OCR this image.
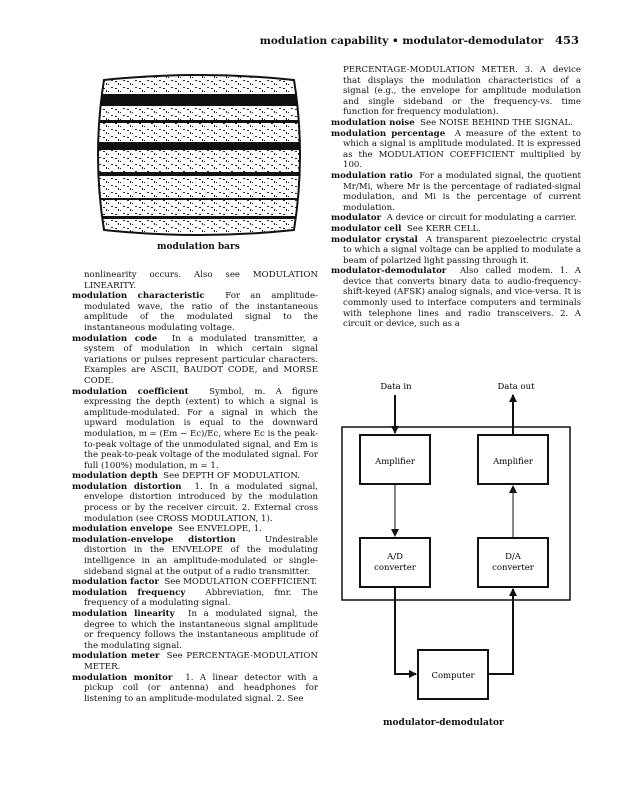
modulation capability • modulator-demodulator 453
modulation bars

nonlinearity occurs. Also see MODULATION LINEARITY.

modulation characteristic For an amplitude-modulated wave, the ratio of the instantaneous amplitude of the modulated signal to the instantaneous modulating voltage.

modulation code In a modulated transmitter, a system of modulation in which certain signal variations or pulses represent particular characters. Examples are ASCII, BAUDOT CODE, and MORSE CODE.

modulation coefficient Symbol, m. A figure expressing the depth (extent) to which a signal is amplitude-modulated. For a signal in which the upward modulation is equal to the downward modulation, m = (Em − Ec)/Ec, where Ec is the peak-to-peak voltage of the unmodulated signal, and Em is the peak-to-peak voltage of the modulated signal. For full (100%) modulation, m = 1.

modulation depth See DEPTH OF MODULATION.

modulation distortion 1. In a modulated signal, envelope distortion introduced by the modulation process or by the receiver circuit. 2. External cross modulation (see CROSS MODULATION, 1).

modulation envelope See ENVELOPE, 1.

modulation-envelope distortion	Undesirable distortion in the ENVELOPE of the modulating intelligence in an amplitude-modulated or single-sideband signal at the output of a radio transmitter.

modulation factor See MODULATION COEFFICIENT.

modulation frequency Abbreviation, fmr. The frequency of a modulating signal.

modulation linearity In a modulated signal, the degree to which the instantaneous signal amplitude or frequency follows the instantaneous amplitude of the modulating signal.

modulation meter See PERCENTAGE-MODULATION METER.

modulation monitor 1. A linear detector with a pickup coil (or antenna) and headphones for listening to an amplitude-modulated signal. 2. See

PERCENTAGE-MODULATION METER. 3. A device that displays the modulation characteristics of a signal (e.g., the envelope for amplitude modulation and single sideband or the frequency-vs. time function for frequency modulation).

modulation noise See NOISE BEHIND THE SIGNAL.

modulation percentage A measure of the extent to which a signal is amplitude modulated. It is expressed as the MODULATION COEFFICIENT multiplied by 100.

modulation ratio For a modulated signal, the quotient Mr/Mi, where Mr is the percentage of radiated-signal modulation, and Mi is the percentage of current modulation.

modulator A device or circuit for modulating a carrier.

modulator cell See KERR CELL.

modulator crystal A transparent piezoelectric crystal to which a signal voltage can be applied to modulate a beam of polarized light passing through it.

modulator-demodulator Also called modem. 1. A device that converts binary data to audio-frequency-shift-keyed (AFSK) analog signals, and vice-versa. It is commonly used to interface computers and terminals with telephone lines and radio transceivers. 2. A circuit or device, such as a

Data in	Data out
Amplifier	Amplifier
A/D
converter
D/A
converter
Computer
modulator-demodulator
